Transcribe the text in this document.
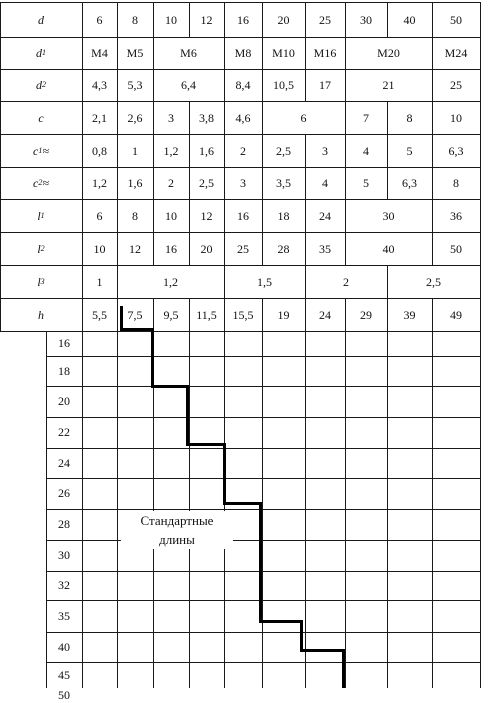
d	6	8	10	12	16	20	25	30	40	50
d 1	M4	M5	M6	M8	M10	M16	M20	M24
d 2	4,3	5,3	6,4	8,4	10,5	17	21	25
c	2,1	2,6	3	3,8	4,6	6	7	8	10
c 1 ≈	0,8	1	1,2	1,6	2	2,5	3	4	5	6,3
c 2 ≈	1,2	1,6	2	2,5	3	3,5	4	5	6,3	8
l 1	6	8	10	12	16	18	24	30	36
l 2	10	12	16	20	25	28	35	40	50
l 3	1	1,2	1,5	2	2,5
h	5,5	7,5	9,5	11,5	15,5	19	24	29	39	49
16
18
20
22
24
26
28
30
32
35
40
45
50
Стандартные
длины
